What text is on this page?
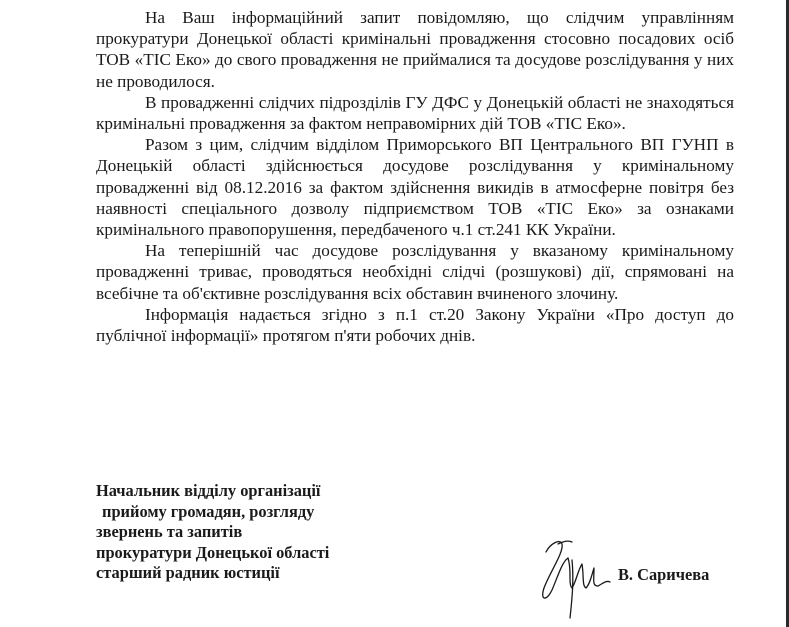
На Ваш інформаційний запит повідомляю, що слідчим управлінням прокуратури Донецької області кримінальні провадження стосовно посадових осіб ТОВ «ТІС Еко» до свого провадження не приймалися та досудове розслідування у них не проводилося.

В провадженні слідчих підрозділів ГУ ДФС у Донецькій області не знаходяться кримінальні провадження за фактом неправомірних дій ТОВ «ТІС Еко».

Разом з цим, слідчим відділом Приморського ВП Центрального ВП ГУНП в Донецькій області здійснюється досудове розслідування у кримінальному провадженні від 08.12.2016 за фактом здійснення викидів в атмосферне повітря без наявності спеціального дозволу підприємством ТОВ «ТІС Еко» за ознаками кримінального правопорушення, передбаченого ч.1 ст.241 КК України.

На теперішній час досудове розслідування у вказаному кримінальному провадженні триває, проводяться необхідні слідчі (розшукові) дії, спрямовані на всебічне та об'єктивне розслідування всіх обставин вчиненого злочину.

Інформація надається згідно з п.1 ст.20 Закону України «Про доступ до публічної інформації» протягом п'яти робочих днів.

Начальник відділу організації
прийому громадян, розгляду
звернень та запитів
прокуратури Донецької області
старший радник юстиції	В. Саричева
